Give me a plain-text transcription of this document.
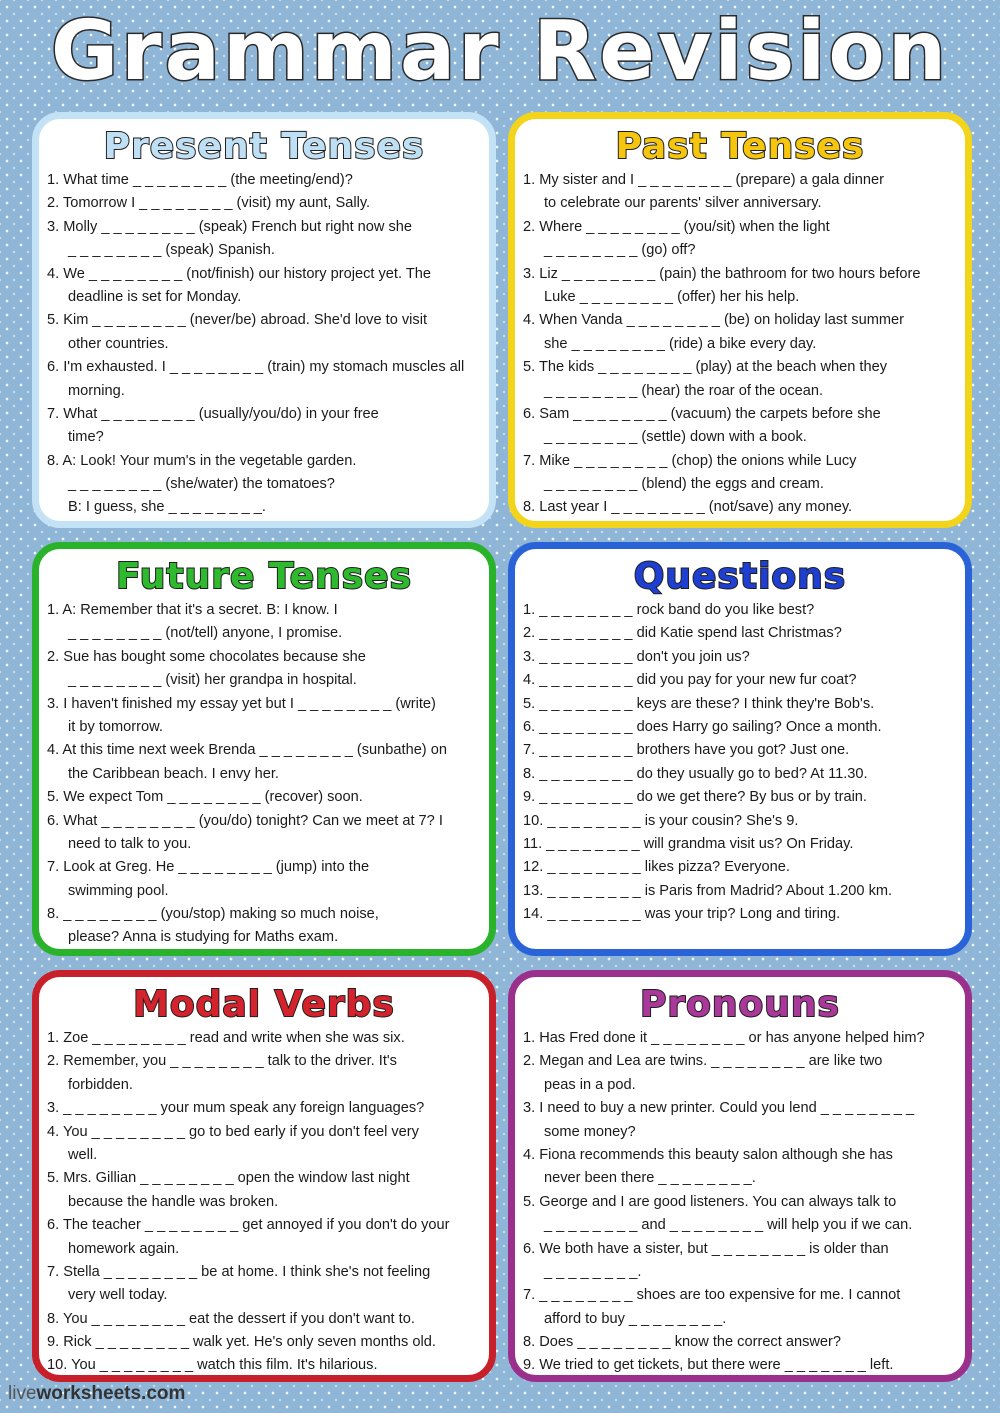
Grammar Revision
Present Tenses
1. What time _ _ _ _ _ _ _ _ (the meeting/end)?
2. Tomorrow I _ _ _ _ _ _ _ _ (visit) my aunt, Sally.
3. Molly _ _ _ _ _ _ _ _ (speak) French but right now she
_ _ _ _ _ _ _ _ (speak) Spanish.
4. We _ _ _ _ _ _ _ _ (not/finish) our history project yet. The
deadline is set for Monday.
5. Kim _ _ _ _ _ _ _ _ (never/be) abroad. She'd love to visit
other countries.
6. I'm exhausted. I _ _ _ _ _ _ _ _ (train) my stomach muscles all
morning.
7. What _ _ _ _ _ _ _ _ (usually/you/do) in your free
time?
8. A: Look! Your mum's in the vegetable garden.
_ _ _ _ _ _ _ _ (she/water) the tomatoes?
B: I guess, she _ _ _ _ _ _ _ _.
Past Tenses
1. My sister and I _ _ _ _ _ _ _ _ (prepare) a gala dinner
to celebrate our parents' silver anniversary.
2. Where _ _ _ _ _ _ _ _ (you/sit) when the light
_ _ _ _ _ _ _ _ (go) off?
3. Liz _ _ _ _ _ _ _ _ (pain) the bathroom for two hours before
Luke _ _ _ _ _ _ _ _ (offer) her his help.
4. When Vanda _ _ _ _ _ _ _ _ (be) on holiday last summer
she _ _ _ _ _ _ _ _ (ride) a bike every day.
5. The kids _ _ _ _ _ _ _ _ (play) at the beach when they
_ _ _ _ _ _ _ _ (hear) the roar of the ocean.
6. Sam _ _ _ _ _ _ _ _ (vacuum) the carpets before she
_ _ _ _ _ _ _ _ (settle) down with a book.
7. Mike _ _ _ _ _ _ _ _ (chop) the onions while Lucy
_ _ _ _ _ _ _ _ (blend) the eggs and cream.
8. Last year I _ _ _ _ _ _ _ _ (not/save) any money.
Future Tenses
1. A: Remember that it's a secret. B: I know. I
_ _ _ _ _ _ _ _ (not/tell) anyone, I promise.
2. Sue has bought some chocolates because she
_ _ _ _ _ _ _ _ (visit) her grandpa in hospital.
3. I haven't finished my essay yet but I _ _ _ _ _ _ _ _ (write)
it by tomorrow.
4. At this time next week Brenda _ _ _ _ _ _ _ _ (sunbathe) on
the Caribbean beach. I envy her.
5. We expect Tom _ _ _ _ _ _ _ _ (recover) soon.
6. What _ _ _ _ _ _ _ _ (you/do) tonight? Can we meet at 7? I
need to talk to you.
7. Look at Greg. He _ _ _ _ _ _ _ _ (jump) into the
swimming pool.
8. _ _ _ _ _ _ _ _ (you/stop) making so much noise,
please? Anna is studying for Maths exam.
Questions
1. _ _ _ _ _ _ _ _ rock band do you like best?
2. _ _ _ _ _ _ _ _ did Katie spend last Christmas?
3. _ _ _ _ _ _ _ _ don't you join us?
4. _ _ _ _ _ _ _ _ did you pay for your new fur coat?
5. _ _ _ _ _ _ _ _ keys are these? I think they're Bob's.
6. _ _ _ _ _ _ _ _ does Harry go sailing? Once a month.
7. _ _ _ _ _ _ _ _ brothers have you got? Just one.
8. _ _ _ _ _ _ _ _ do they usually go to bed? At 11.30.
9. _ _ _ _ _ _ _ _ do we get there? By bus or by train.
10. _ _ _ _ _ _ _ _ is your cousin? She's 9.
11. _ _ _ _ _ _ _ _ will grandma visit us? On Friday.
12. _ _ _ _ _ _ _ _ likes pizza? Everyone.
13. _ _ _ _ _ _ _ _ is Paris from Madrid? About 1.200 km.
14. _ _ _ _ _ _ _ _ was your trip? Long and tiring.
Modal Verbs
1. Zoe _ _ _ _ _ _ _ _ read and write when she was six.
2. Remember, you _ _ _ _ _ _ _ _ talk to the driver. It's
forbidden.
3. _ _ _ _ _ _ _ _ your mum speak any foreign languages?
4. You _ _ _ _ _ _ _ _ go to bed early if you don't feel very
well.
5. Mrs. Gillian _ _ _ _ _ _ _ _ open the window last night
because the handle was broken.
6. The teacher _ _ _ _ _ _ _ _ get annoyed if you don't do your
homework again.
7. Stella _ _ _ _ _ _ _ _ be at home. I think she's not feeling
very well today.
8. You _ _ _ _ _ _ _ _ eat the dessert if you don't want to.
9. Rick _ _ _ _ _ _ _ _ walk yet. He's only seven months old.
10. You _ _ _ _ _ _ _ _ watch this film. It's hilarious.
Pronouns
1. Has Fred done it _ _ _ _ _ _ _ _ or has anyone helped him?
2. Megan and Lea are twins. _ _ _ _ _ _ _ _ are like two
peas in a pod.
3. I need to buy a new printer. Could you lend _ _ _ _ _ _ _ _
some money?
4. Fiona recommends this beauty salon although she has
never been there _ _ _ _ _ _ _ _.
5. George and I are good listeners. You can always talk to
_ _ _ _ _ _ _ _ and _ _ _ _ _ _ _ _ will help you if we can.
6. We both have a sister, but _ _ _ _ _ _ _ _ is older than
_ _ _ _ _ _ _ _.
7. _ _ _ _ _ _ _ _ shoes are too expensive for me. I cannot
afford to buy _ _ _ _ _ _ _ _.
8. Does _ _ _ _ _ _ _ _ know the correct answer?
9. We tried to get tickets, but there were _ _ _ _ _ _ _ left.
liveworksheets.com
